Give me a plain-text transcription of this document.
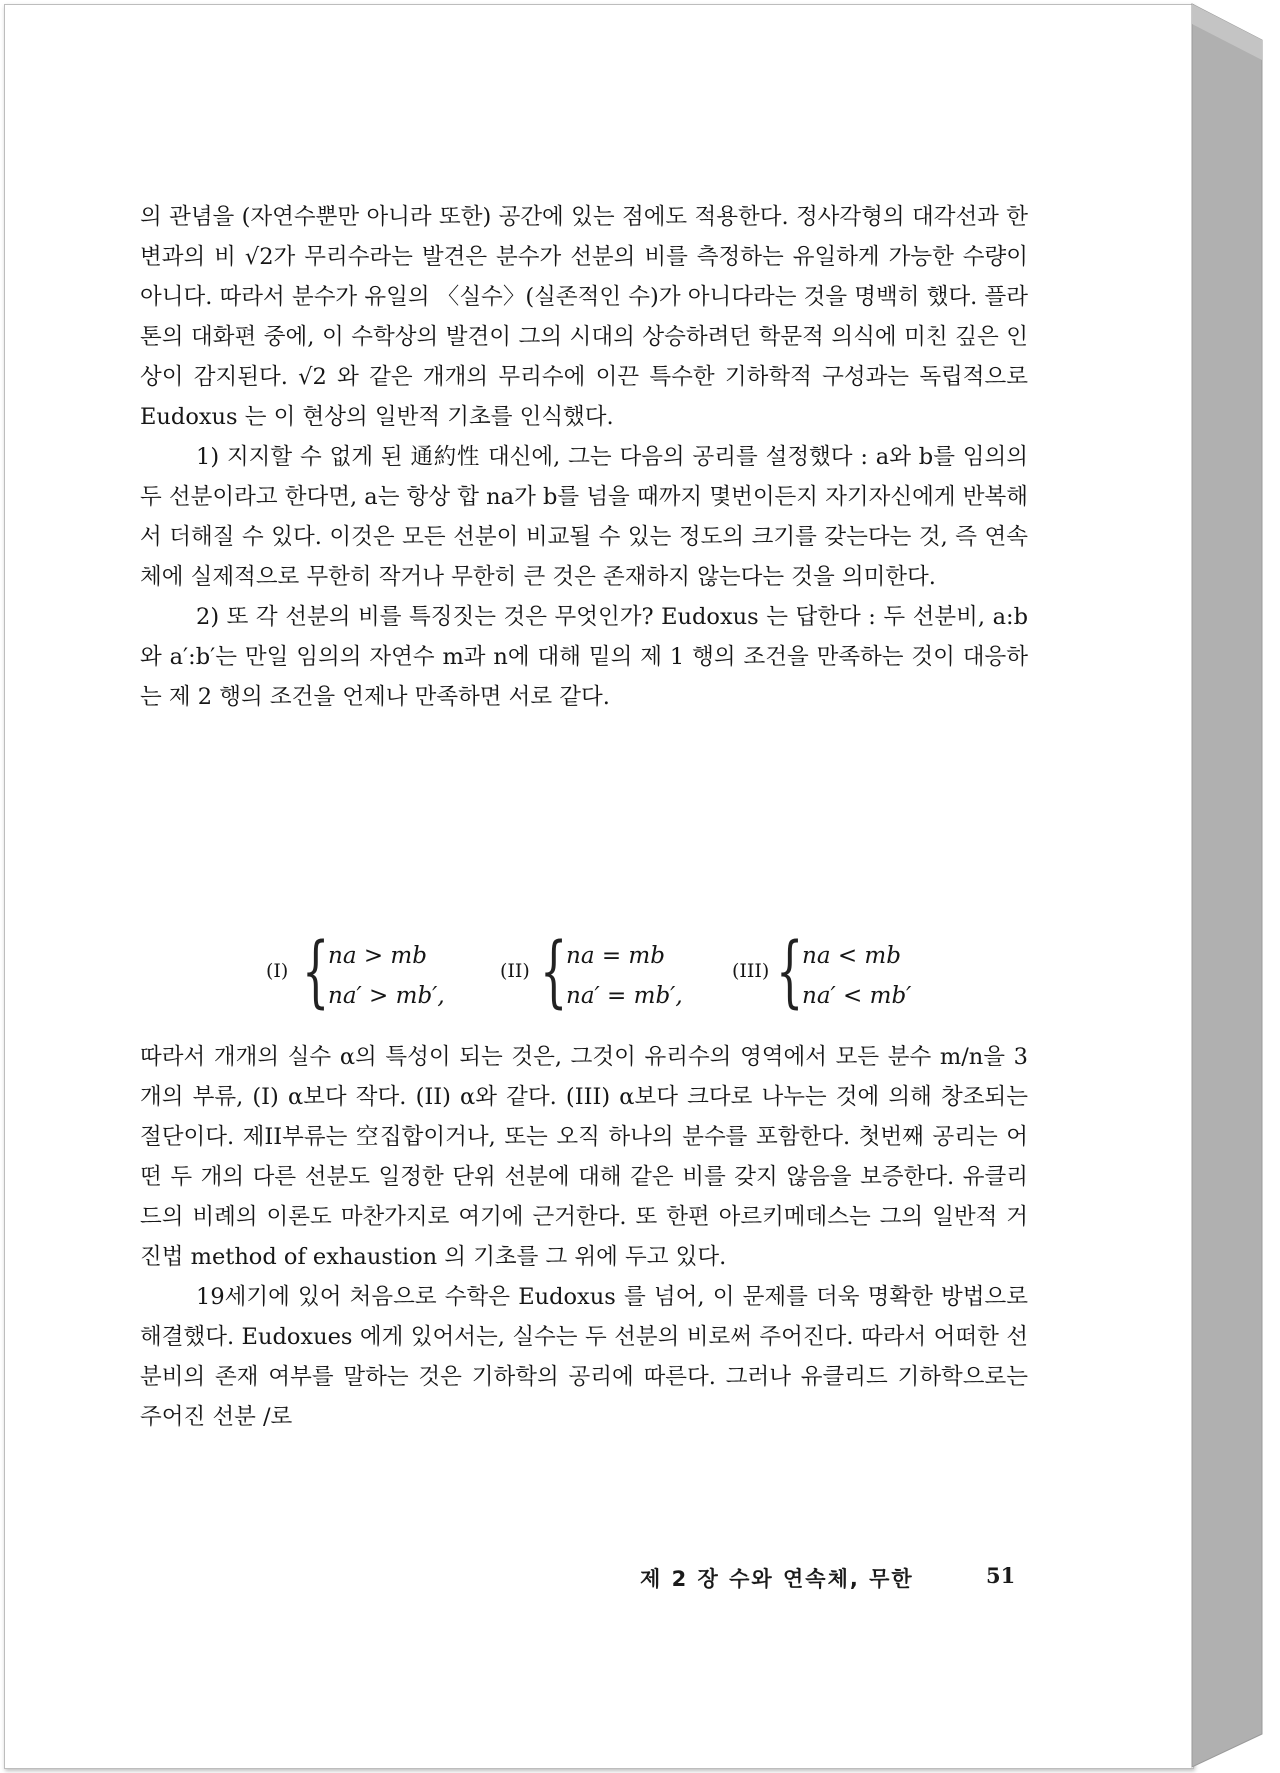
의 관념을 (자연수뿐만 아니라 또한) 공간에 있는 점에도 적용한다. 정사각형의 대각선과 한변과의 비 √2가 무리수라는 발견은 분수가 선분의 비를 측정하는 유일하게 가능한 수량이 아니다. 따라서 분수가 유일의 〈실수〉(실존적인 수)가 아니다라는 것을 명백히 했다. 플라톤의 대화편 중에, 이 수학상의 발견이 그의 시대의 상승하려던 학문적 의식에 미친 깊은 인상이 감지된다. √2 와 같은 개개의 무리수에 이끈 특수한 기하학적 구성과는 독립적으로 Eudoxus 는 이 현상의 일반적 기초를 인식했다.

1) 지지할 수 없게 된 通約性 대신에, 그는 다음의 공리를 설정했다 : a와 b를 임의의 두 선분이라고 한다면, a는 항상 합 na가 b를 넘을 때까지 몇번이든지 자기자신에게 반복해서 더해질 수 있다. 이것은 모든 선분이 비교될 수 있는 정도의 크기를 갖는다는 것, 즉 연속체에 실제적으로 무한히 작거나 무한히 큰 것은 존재하지 않는다는 것을 의미한다.

2) 또 각 선분의 비를 특징짓는 것은 무엇인가? Eudoxus 는 답한다 : 두 선분비, a:b와 a′:b′는 만일 임의의 자연수 m과 n에 대해 밑의 제 1 행의 조건을 만족하는 것이 대응하는 제 2 행의 조건을 언제나 만족하면 서로 같다.

(I) {
na > mb
na′ > mb′,
(II) {
na = mb
na′ = mb′,
(III) {
na < mb
na′ < mb′

따라서 개개의 실수 α의 특성이 되는 것은, 그것이 유리수의 영역에서 모든 분수 m/n을 3개의 부류, (I) α보다 작다. (II) α와 같다. (III) α보다 크다로 나누는 것에 의해 창조되는 절단이다. 제II부류는 空집합이거나, 또는 오직 하나의 분수를 포함한다. 첫번째 공리는 어떤 두 개의 다른 선분도 일정한 단위 선분에 대해 같은 비를 갖지 않음을 보증한다. 유클리드의 비례의 이론도 마찬가지로 여기에 근거한다. 또 한편 아르키메데스는 그의 일반적 거진법 method of exhaustion 의 기초를 그 위에 두고 있다.

19세기에 있어 처음으로 수학은 Eudoxus 를 넘어, 이 문제를 더욱 명확한 방법으로 해결했다. Eudoxues 에게 있어서는, 실수는 두 선분의 비로써 주어진다. 따라서 어떠한 선분비의 존재 여부를 말하는 것은 기하학의 공리에 따른다. 그러나 유클리드 기하학으로는 주어진 선분 /로

제 2 장 수와 연속체, 무한	51
